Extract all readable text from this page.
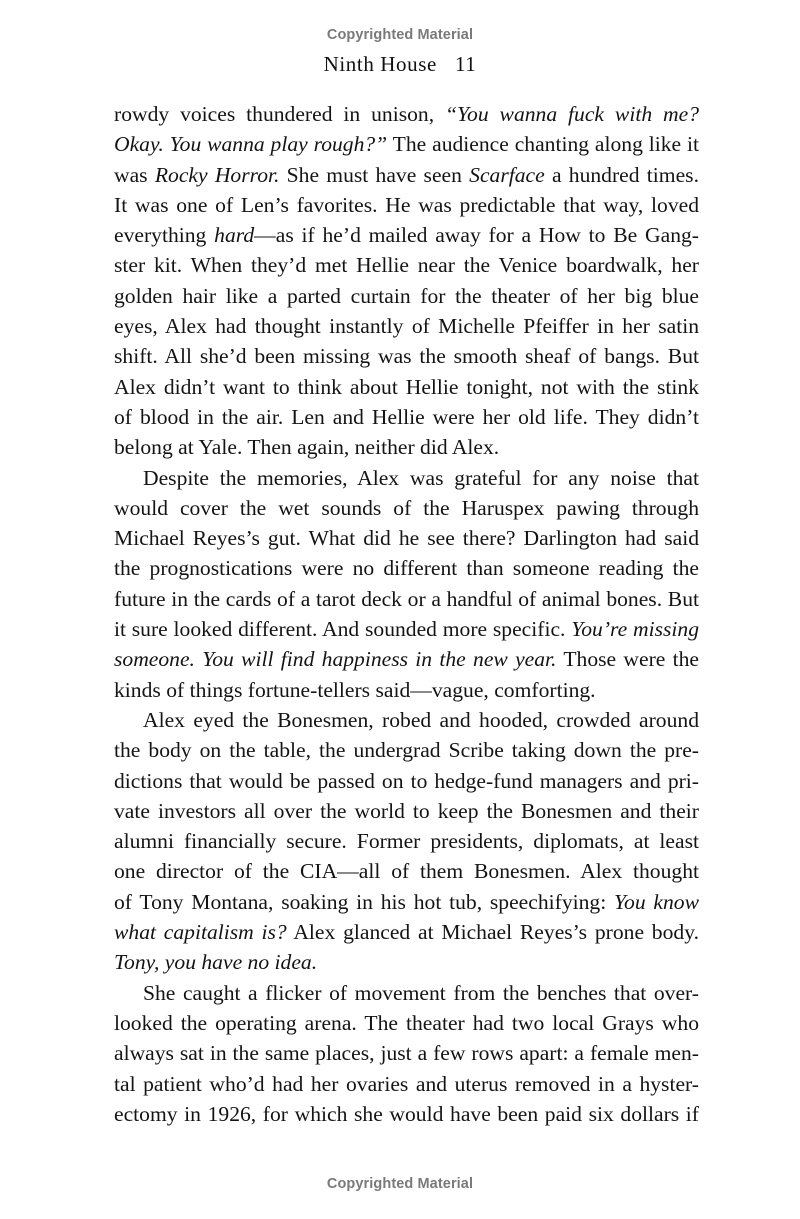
Copyrighted Material
Ninth House 11
rowdy voices thundered in unison, “You wanna fuck with me?
Okay. You wanna play rough?” The audience chanting along like it
was Rocky Horror. She must have seen Scarface a hundred times.
It was one of Len’s favorites. He was predictable that way, loved
everything hard—as if he’d mailed away for a How to Be Gang-
ster kit. When they’d met Hellie near the Venice boardwalk, her
golden hair like a parted curtain for the theater of her big blue
eyes, Alex had thought instantly of Michelle Pfeiffer in her satin
shift. All she’d been missing was the smooth sheaf of bangs. But
Alex didn’t want to think about Hellie tonight, not with the stink
of blood in the air. Len and Hellie were her old life. They didn’t
belong at Yale. Then again, neither did Alex.
Despite the memories, Alex was grateful for any noise that
would cover the wet sounds of the Haruspex pawing through
Michael Reyes’s gut. What did he see there? Darlington had said
the prognostications were no different than someone reading the
future in the cards of a tarot deck or a handful of animal bones. But
it sure looked different. And sounded more specific. You’re missing
someone. You will find happiness in the new year. Those were the
kinds of things fortune-tellers said—vague, comforting.
Alex eyed the Bonesmen, robed and hooded, crowded around
the body on the table, the undergrad Scribe taking down the pre-
dictions that would be passed on to hedge-fund managers and pri-
vate investors all over the world to keep the Bonesmen and their
alumni financially secure. Former presidents, diplomats, at least
one director of the CIA—all of them Bonesmen. Alex thought
of Tony Montana, soaking in his hot tub, speechifying: You know
what capitalism is? Alex glanced at Michael Reyes’s prone body.
Tony, you have no idea.
She caught a flicker of movement from the benches that over-
looked the operating arena. The theater had two local Grays who
always sat in the same places, just a few rows apart: a female men-
tal patient who’d had her ovaries and uterus removed in a hyster-
ectomy in 1926, for which she would have been paid six dollars if
Copyrighted Material
